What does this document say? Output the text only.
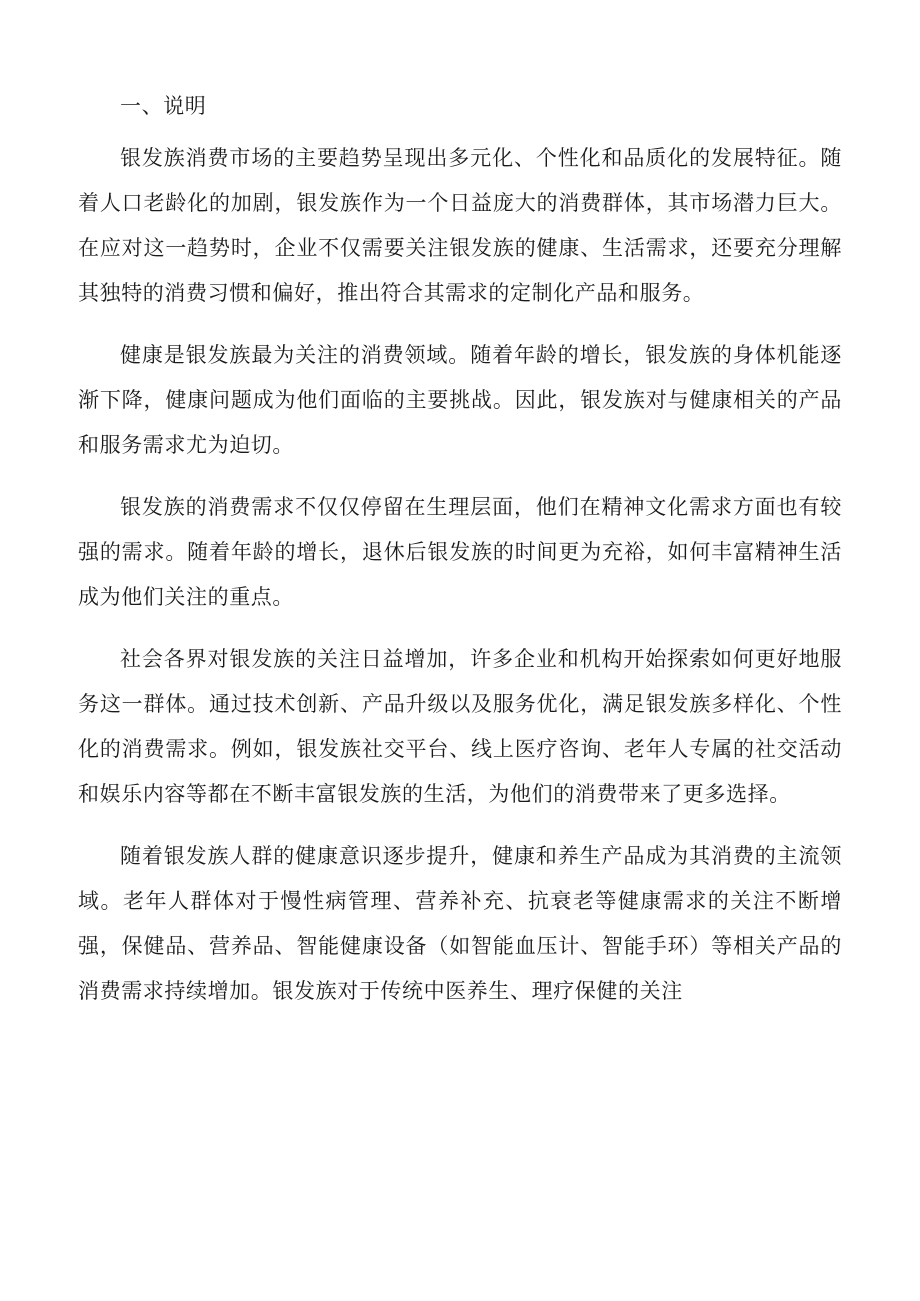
一、说明

银发族消费市场的主要趋势呈现出多元化、个性化和品质化的发展特征。随着人口老龄化的加剧，银发族作为一个日益庞大的消费群体，其市场潜力巨大。在应对这一趋势时，企业不仅需要关注银发族的健康、生活需求，还要充分理解其独特的消费习惯和偏好，推出符合其需求的定制化产品和服务。

健康是银发族最为关注的消费领域。随着年龄的增长，银发族的身体机能逐渐下降，健康问题成为他们面临的主要挑战。因此，银发族对与健康相关的产品和服务需求尤为迫切。

银发族的消费需求不仅仅停留在生理层面，他们在精神文化需求方面也有较强的需求。随着年龄的增长，退休后银发族的时间更为充裕，如何丰富精神生活成为他们关注的重点。

社会各界对银发族的关注日益增加，许多企业和机构开始探索如何更好地服务这一群体。通过技术创新、产品升级以及服务优化，满足银发族多样化、个性化的消费需求。例如，银发族社交平台、线上医疗咨询、老年人专属的社交活动和娱乐内容等都在不断丰富银发族的生活，为他们的消费带来了更多选择。

随着银发族人群的健康意识逐步提升，健康和养生产品成为其消费的主流领域。老年人群体对于慢性病管理、营养补充、抗衰老等健康需求的关注不断增强，保健品、营养品、智能健康设备（如智能血压计、智能手环）等相关产品的消费需求持续增加。银发族对于传统中医养生、理疗保健的关注
